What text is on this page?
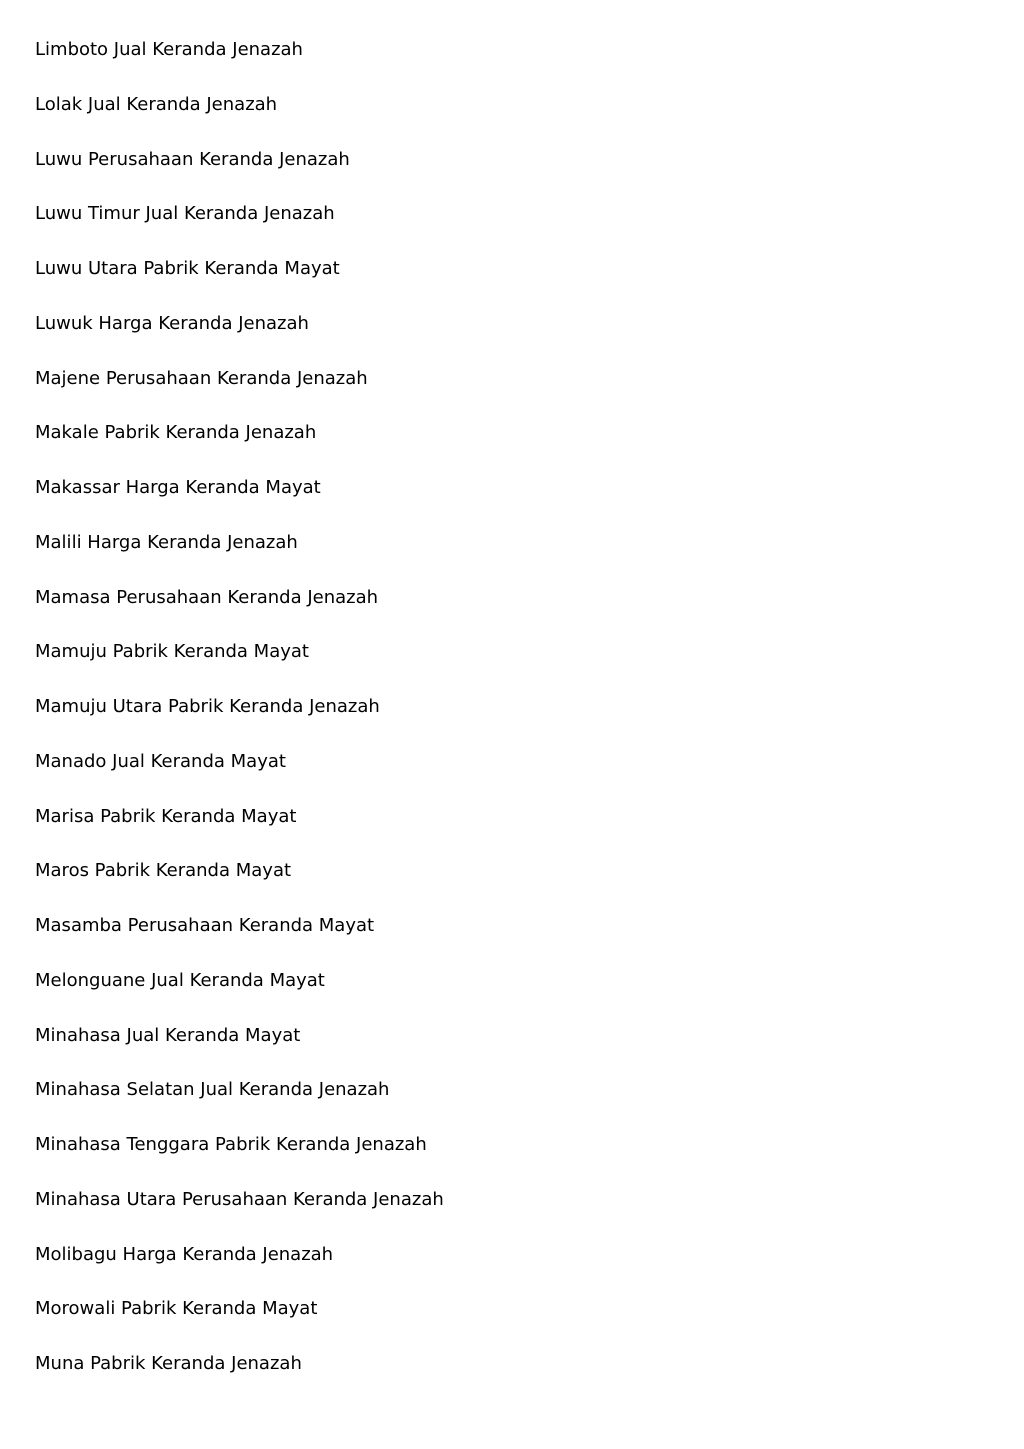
Limboto Jual Keranda Jenazah
Lolak Jual Keranda Jenazah
Luwu Perusahaan Keranda Jenazah
Luwu Timur Jual Keranda Jenazah
Luwu Utara Pabrik Keranda Mayat
Luwuk Harga Keranda Jenazah
Majene Perusahaan Keranda Jenazah
Makale Pabrik Keranda Jenazah
Makassar Harga Keranda Mayat
Malili Harga Keranda Jenazah
Mamasa Perusahaan Keranda Jenazah
Mamuju Pabrik Keranda Mayat
Mamuju Utara Pabrik Keranda Jenazah
Manado Jual Keranda Mayat
Marisa Pabrik Keranda Mayat
Maros Pabrik Keranda Mayat
Masamba Perusahaan Keranda Mayat
Melonguane Jual Keranda Mayat
Minahasa Jual Keranda Mayat
Minahasa Selatan Jual Keranda Jenazah
Minahasa Tenggara Pabrik Keranda Jenazah
Minahasa Utara Perusahaan Keranda Jenazah
Molibagu Harga Keranda Jenazah
Morowali Pabrik Keranda Mayat
Muna Pabrik Keranda Jenazah
